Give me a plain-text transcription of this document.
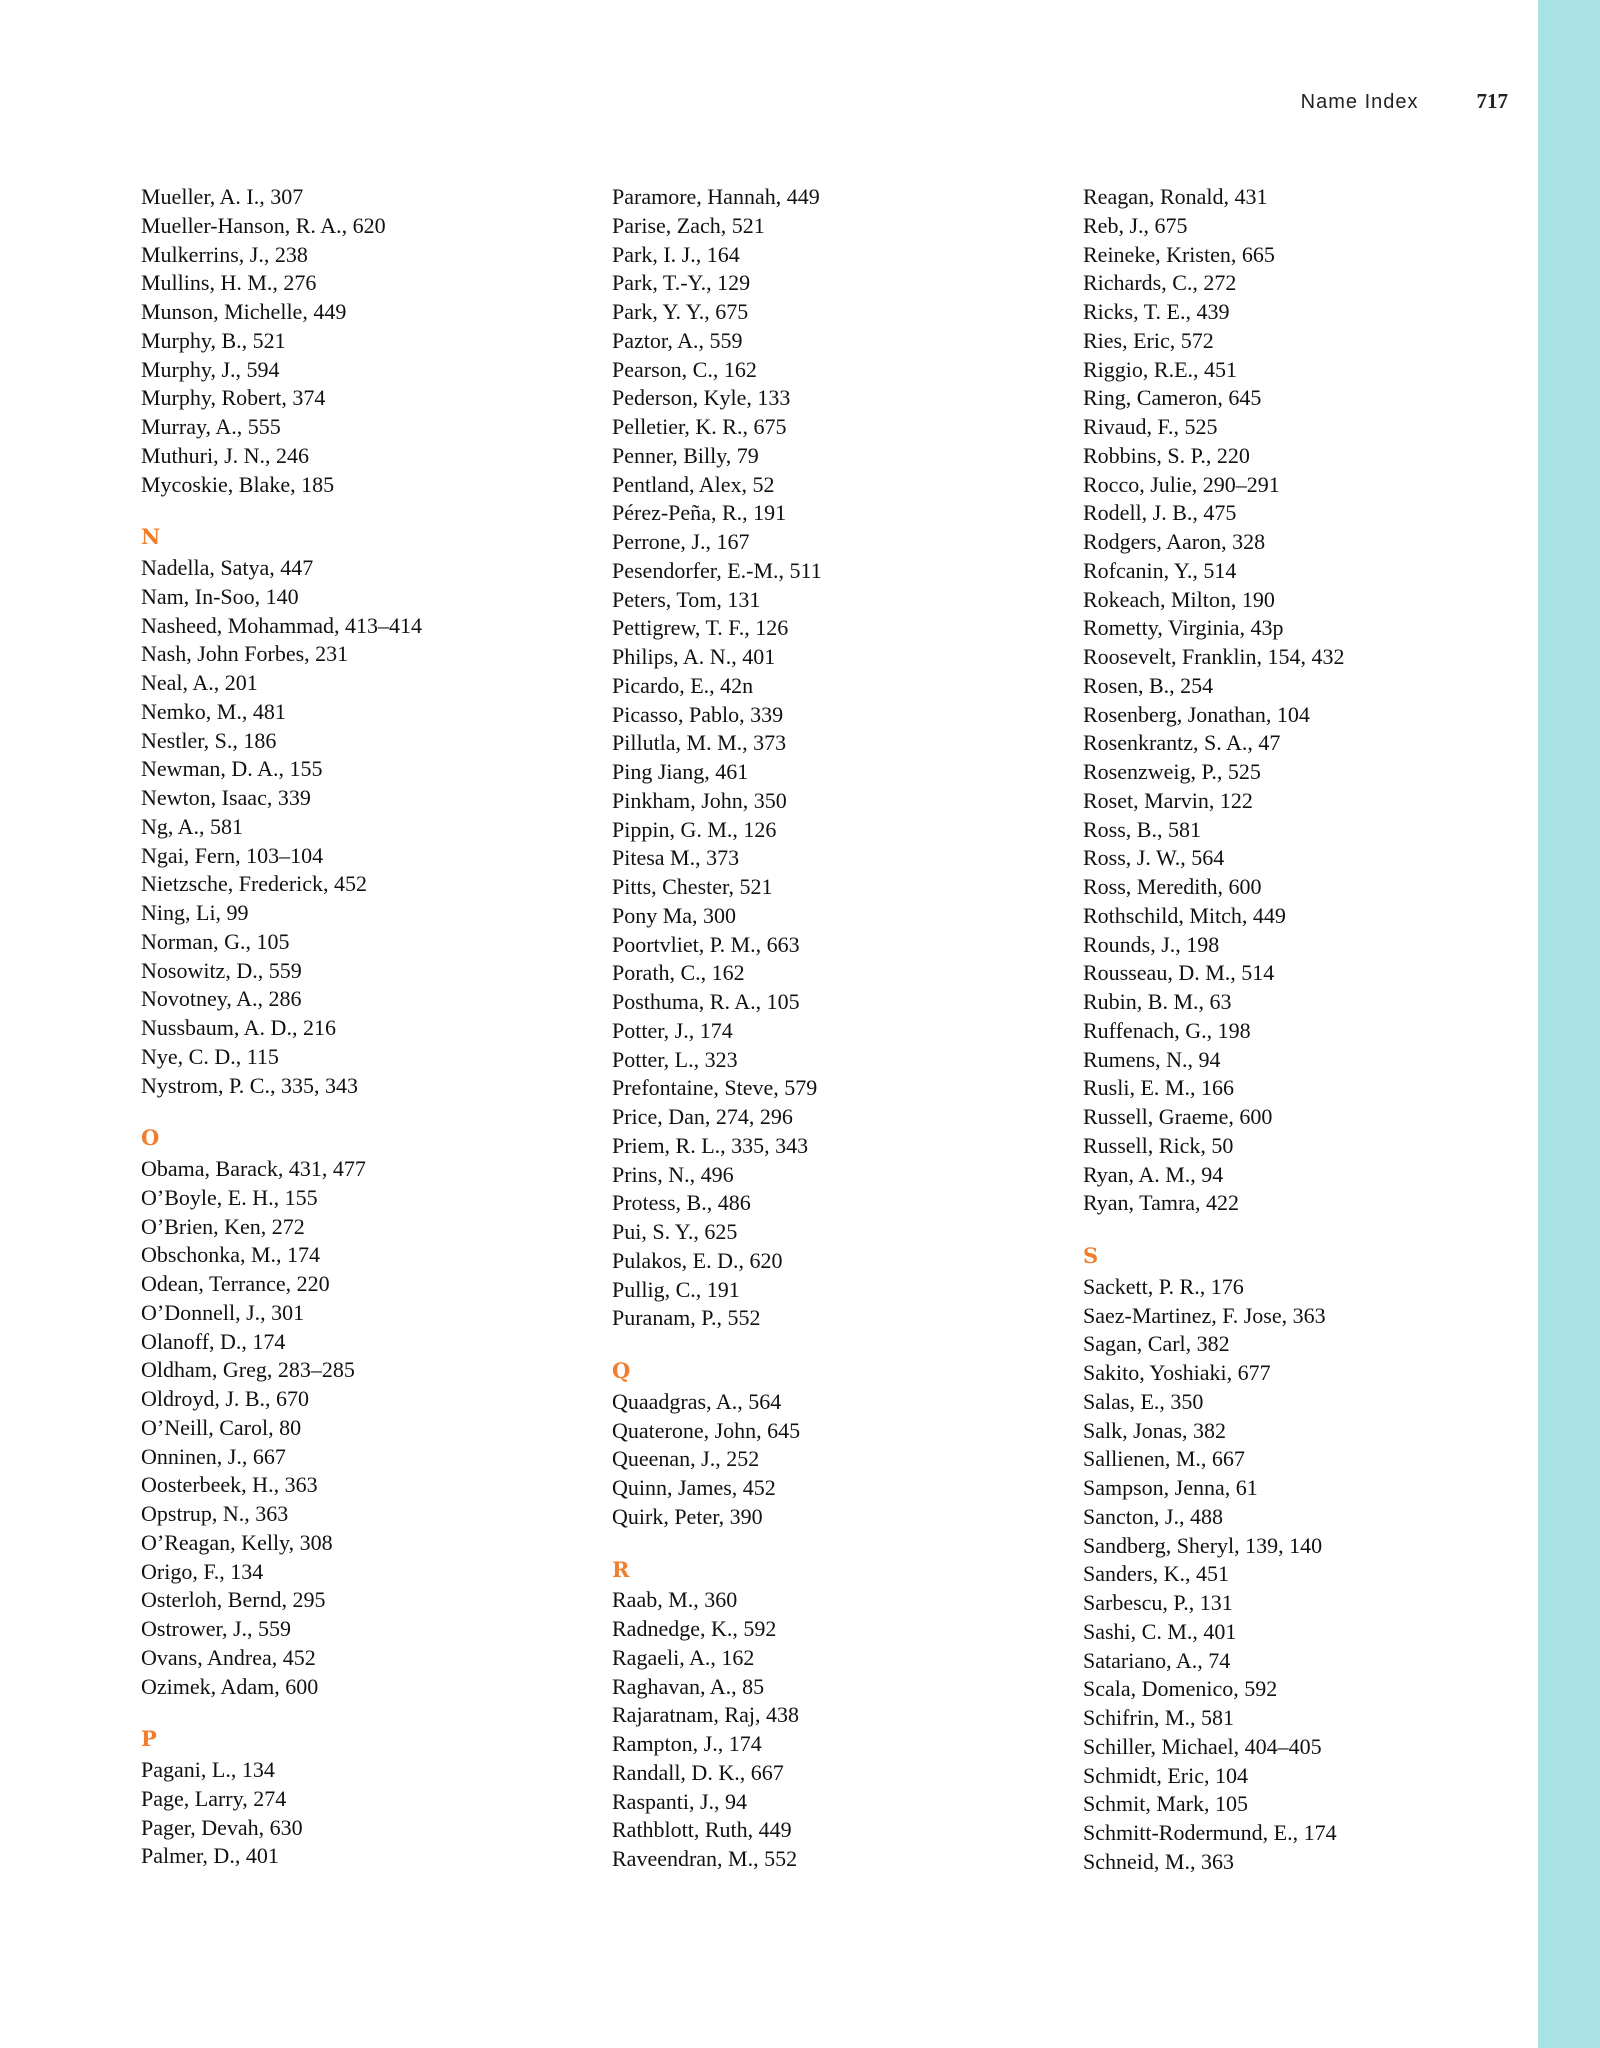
Name Index	717
Mueller, A. I., 307
Mueller-Hanson, R. A., 620
Mulkerrins, J., 238
Mullins, H. M., 276
Munson, Michelle, 449
Murphy, B., 521
Murphy, J., 594
Murphy, Robert, 374
Murray, A., 555
Muthuri, J. N., 246
Mycoskie, Blake, 185
N
Nadella, Satya, 447
Nam, In-Soo, 140
Nasheed, Mohammad, 413–414
Nash, John Forbes, 231
Neal, A., 201
Nemko, M., 481
Nestler, S., 186
Newman, D. A., 155
Newton, Isaac, 339
Ng, A., 581
Ngai, Fern, 103–104
Nietzsche, Frederick, 452
Ning, Li, 99
Norman, G., 105
Nosowitz, D., 559
Novotney, A., 286
Nussbaum, A. D., 216
Nye, C. D., 115
Nystrom, P. C., 335, 343
O
Obama, Barack, 431, 477
O’Boyle, E. H., 155
O’Brien, Ken, 272
Obschonka, M., 174
Odean, Terrance, 220
O’Donnell, J., 301
Olanoff, D., 174
Oldham, Greg, 283–285
Oldroyd, J. B., 670
O’Neill, Carol, 80
Onninen, J., 667
Oosterbeek, H., 363
Opstrup, N., 363
O’Reagan, Kelly, 308
Origo, F., 134
Osterloh, Bernd, 295
Ostrower, J., 559
Ovans, Andrea, 452
Ozimek, Adam, 600
P
Pagani, L., 134
Page, Larry, 274
Pager, Devah, 630
Palmer, D., 401
Paramore, Hannah, 449
Parise, Zach, 521
Park, I. J., 164
Park, T.-Y., 129
Park, Y. Y., 675
Paztor, A., 559
Pearson, C., 162
Pederson, Kyle, 133
Pelletier, K. R., 675
Penner, Billy, 79
Pentland, Alex, 52
Pérez-Peña, R., 191
Perrone, J., 167
Pesendorfer, E.-M., 511
Peters, Tom, 131
Pettigrew, T. F., 126
Philips, A. N., 401
Picardo, E., 42n
Picasso, Pablo, 339
Pillutla, M. M., 373
Ping Jiang, 461
Pinkham, John, 350
Pippin, G. M., 126
Pitesa M., 373
Pitts, Chester, 521
Pony Ma, 300
Poortvliet, P. M., 663
Porath, C., 162
Posthuma, R. A., 105
Potter, J., 174
Potter, L., 323
Prefontaine, Steve, 579
Price, Dan, 274, 296
Priem, R. L., 335, 343
Prins, N., 496
Protess, B., 486
Pui, S. Y., 625
Pulakos, E. D., 620
Pullig, C., 191
Puranam, P., 552
Q
Quaadgras, A., 564
Quaterone, John, 645
Queenan, J., 252
Quinn, James, 452
Quirk, Peter, 390
R
Raab, M., 360
Radnedge, K., 592
Ragaeli, A., 162
Raghavan, A., 85
Rajaratnam, Raj, 438
Rampton, J., 174
Randall, D. K., 667
Raspanti, J., 94
Rathblott, Ruth, 449
Raveendran, M., 552
Reagan, Ronald, 431
Reb, J., 675
Reineke, Kristen, 665
Richards, C., 272
Ricks, T. E., 439
Ries, Eric, 572
Riggio, R.E., 451
Ring, Cameron, 645
Rivaud, F., 525
Robbins, S. P., 220
Rocco, Julie, 290–291
Rodell, J. B., 475
Rodgers, Aaron, 328
Rofcanin, Y., 514
Rokeach, Milton, 190
Rometty, Virginia, 43p
Roosevelt, Franklin, 154, 432
Rosen, B., 254
Rosenberg, Jonathan, 104
Rosenkrantz, S. A., 47
Rosenzweig, P., 525
Roset, Marvin, 122
Ross, B., 581
Ross, J. W., 564
Ross, Meredith, 600
Rothschild, Mitch, 449
Rounds, J., 198
Rousseau, D. M., 514
Rubin, B. M., 63
Ruffenach, G., 198
Rumens, N., 94
Rusli, E. M., 166
Russell, Graeme, 600
Russell, Rick, 50
Ryan, A. M., 94
Ryan, Tamra, 422
S
Sackett, P. R., 176
Saez-Martinez, F. Jose, 363
Sagan, Carl, 382
Sakito, Yoshiaki, 677
Salas, E., 350
Salk, Jonas, 382
Sallienen, M., 667
Sampson, Jenna, 61
Sancton, J., 488
Sandberg, Sheryl, 139, 140
Sanders, K., 451
Sarbescu, P., 131
Sashi, C. M., 401
Satariano, A., 74
Scala, Domenico, 592
Schifrin, M., 581
Schiller, Michael, 404–405
Schmidt, Eric, 104
Schmit, Mark, 105
Schmitt-Rodermund, E., 174
Schneid, M., 363
